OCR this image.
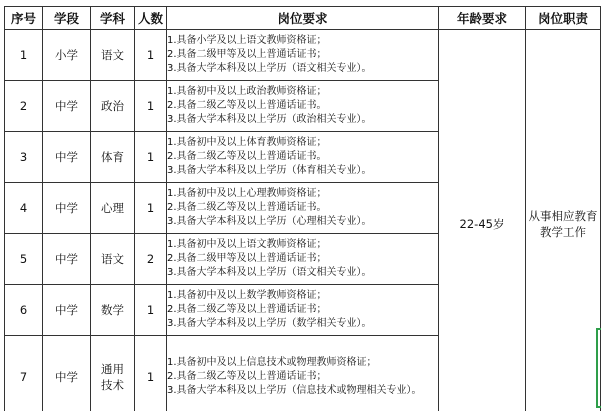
序号	学段	学科	人数	岗位要求	年龄要求	岗位职责
1	小学	语文	1	1.具备小学及以上语文教师资格证；
2.具备二级甲等及以上普通话证书；
3.具备大学本科及以上学历（语文相关专业）。	22-45岁	从事相应教育教学工作
2	中学	政治	1	1.具备初中及以上政治教师资格证；
2.具备二级乙等及以上普通话证书。
3.具备大学本科及以上学历（政治相关专业）。		

3	中学	体育	1	1.具备初中及以上体育教师资格证；
2.具备二级乙等及以上普通话证书。
3.具备大学本科及以上学历（体育相关专业）。		

4	中学	心理	1	1.具备初中及以上心理教师资格证；
2.具备二级乙等及以上普通话证书。
3.具备大学本科及以上学历（心理相关专业）。		

5	中学	语文	2	1.具备初中及以上语文教师资格证；
2.具备二级甲等及以上普通话证书；
3.具备大学本科及以上学历（语文相关专业）。		

6	中学	数学	1	1.具备初中及以上数学教师资格证；
2.具备二级乙等及以上普通话证书；
3.具备大学本科及以上学历（数学相关专业）。		

7	中学	通用技术	1	1.具备初中及以上信息技术或物理教师资格证；
2.具备二级乙等及以上普通话证书；
3.具备大学本科及以上学历（信息技术或物理相关专业）。		
